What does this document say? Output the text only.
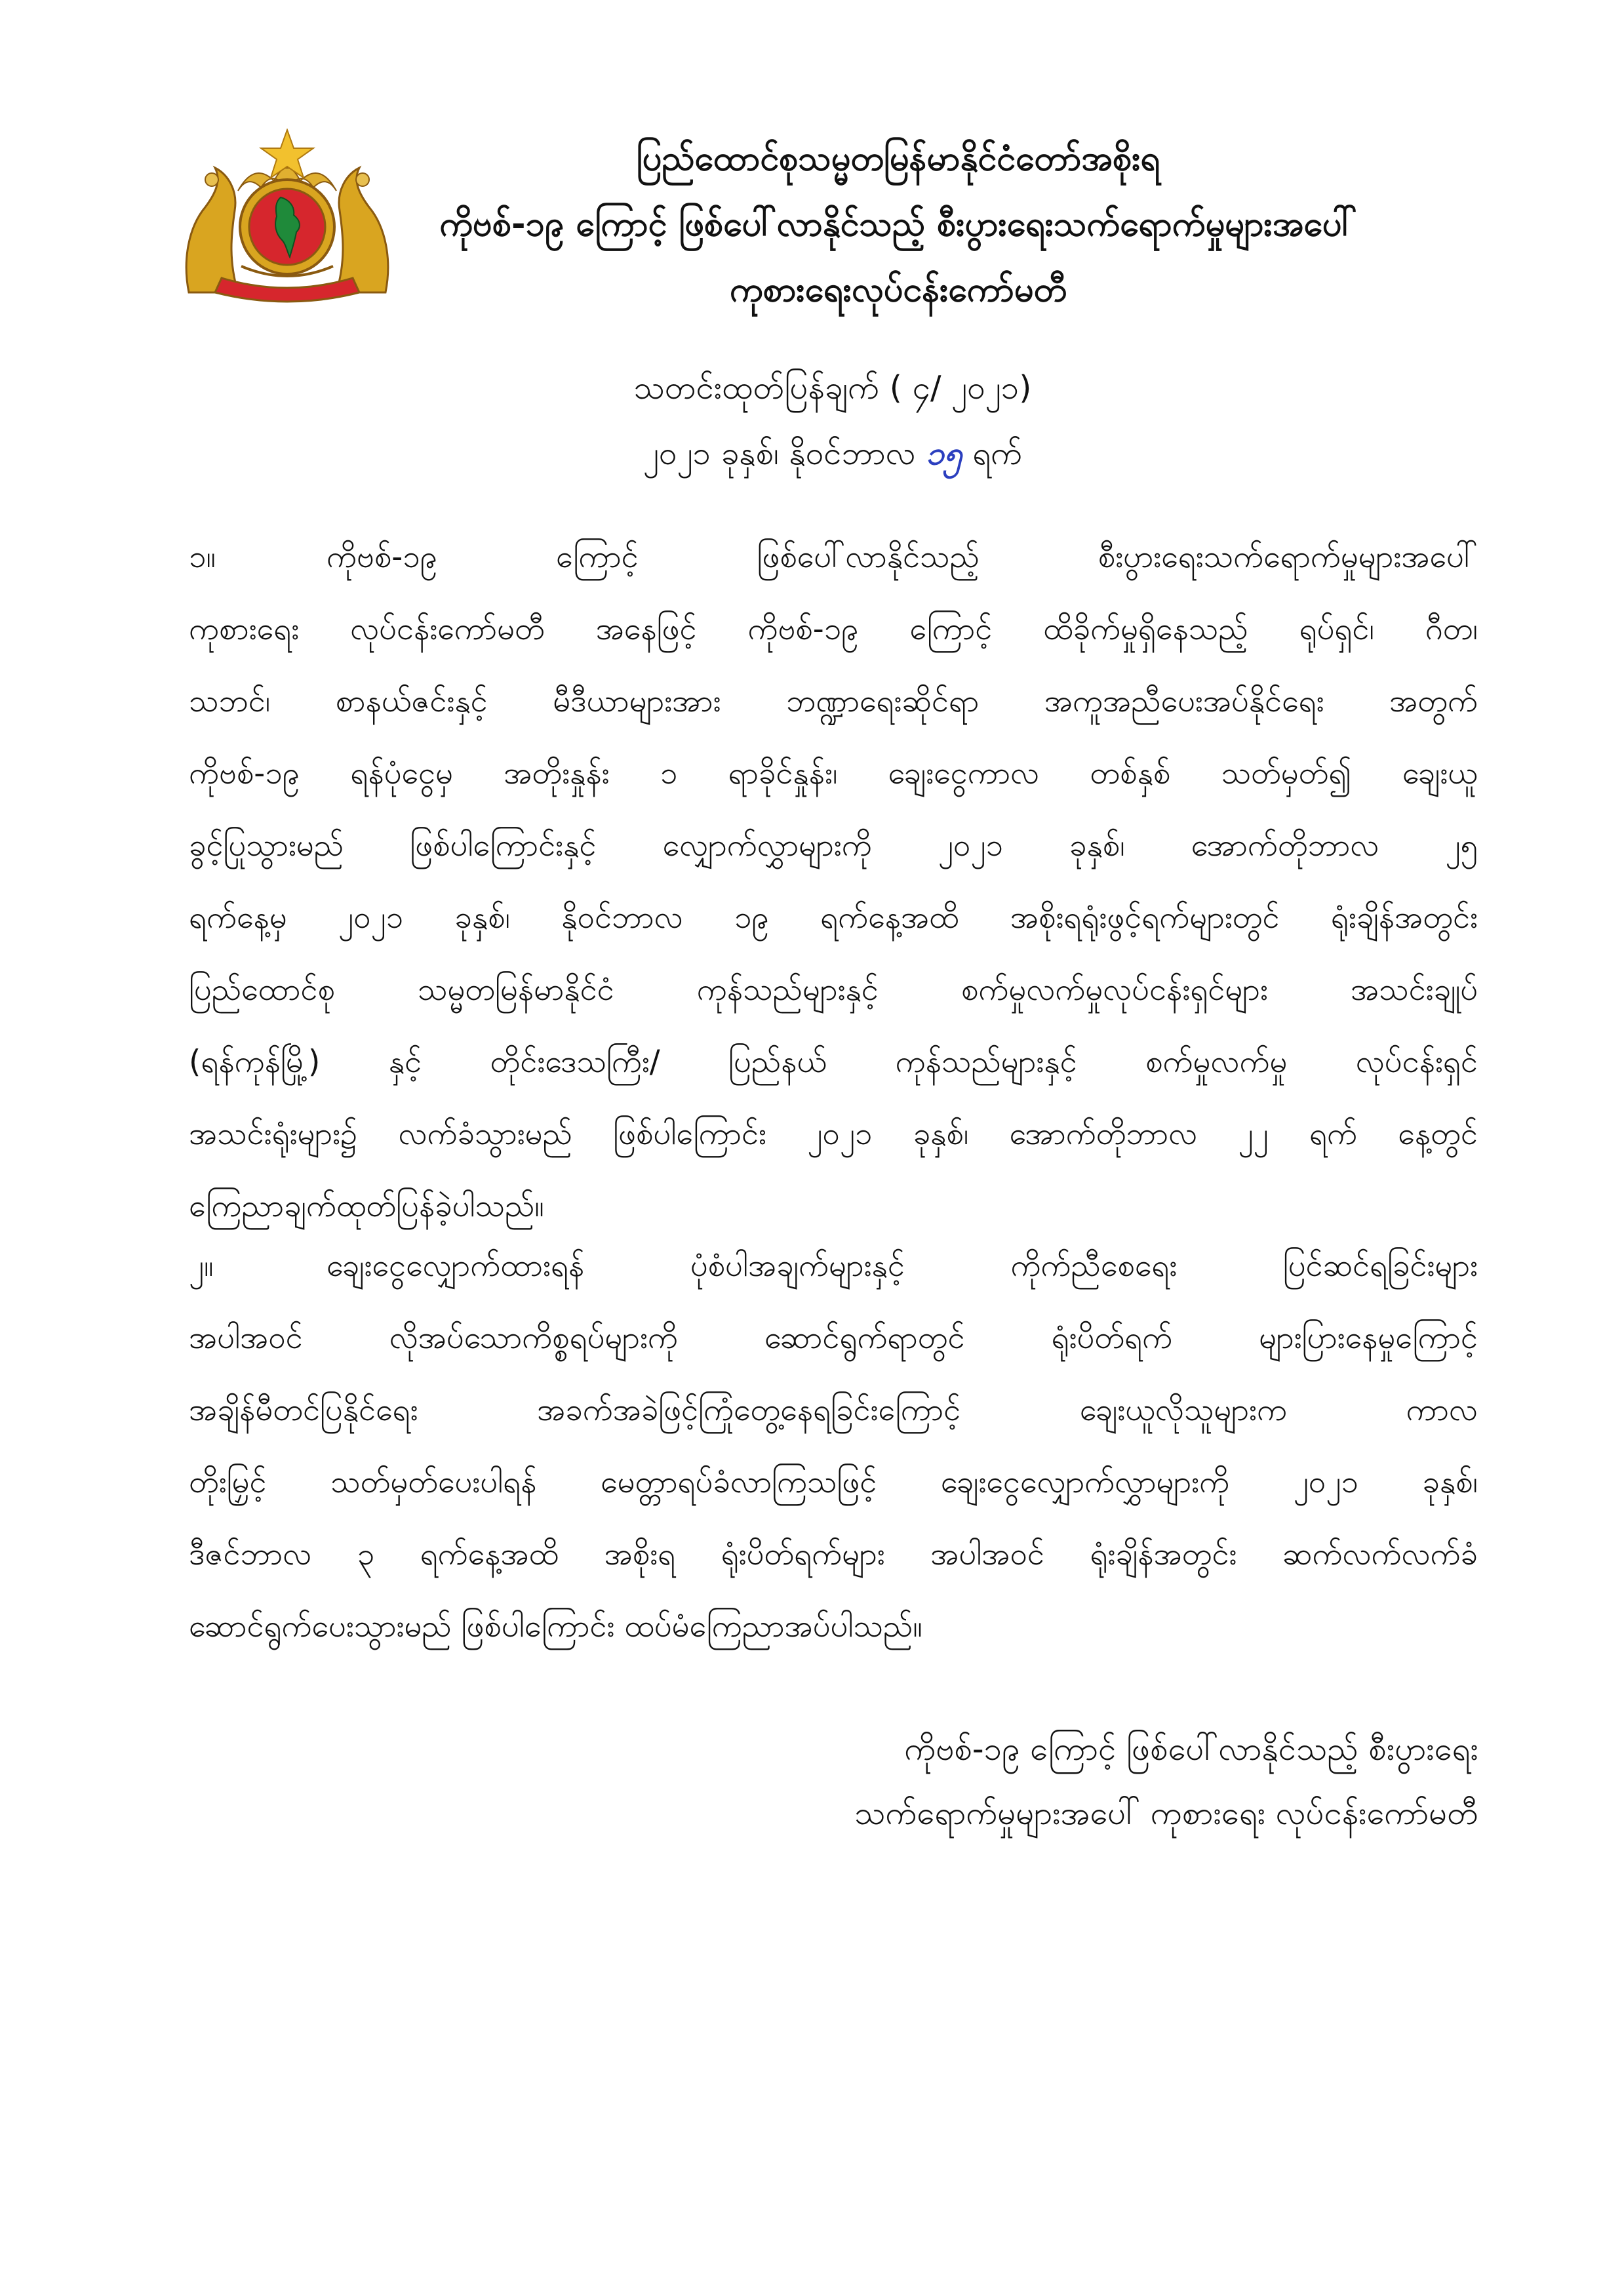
ပြည်ထောင်စုသမ္မတမြန်မာနိုင်ငံတော်အစိုးရ
ကိုဗစ်-၁၉ ကြောင့် ဖြစ်ပေါ်လာနိုင်သည့် စီးပွားရေးသက်ရောက်မှုများအပေါ်
ကုစားရေးလုပ်ငန်းကော်မတီ
သတင်းထုတ်ပြန်ချက် ( ၄/ ၂၀၂၁)
၂၀၂၁ ခုနှစ်၊ နိုဝင်ဘာလ ၁၅ ရက်
၁။	ကိုဗစ်-၁၉	ကြောင့်	ဖြစ်ပေါ်လာနိုင်သည့်	စီးပွားရေးသက်ရောက်မှုများအပေါ်
ကုစားရေး လုပ်ငန်းကော်မတီ အနေဖြင့် ကိုဗစ်-၁၉ ကြောင့် ထိခိုက်မှုရှိနေသည့် ရုပ်ရှင်၊ ဂီတ၊
သဘင်၊ စာနယ်ဇင်းနှင့် မီဒီယာများအား ဘဏ္ဍာရေးဆိုင်ရာ အကူအညီပေးအပ်နိုင်ရေး အတွက်
ကိုဗစ်-၁၉ ရန်ပုံငွေမှ အတိုးနှုန်း ၁ ရာခိုင်နှုန်း၊ ချေးငွေကာလ တစ်နှစ် သတ်မှတ်၍ ချေးယူ
ခွင့်ပြုသွားမည် ဖြစ်ပါကြောင်းနှင့် လျှောက်လွှာများကို ၂၀၂၁ ခုနှစ်၊ အောက်တိုဘာလ ၂၅
ရက်နေ့မှ ၂၀၂၁ ခုနှစ်၊ နိုဝင်ဘာလ ၁၉ ရက်နေ့အထိ အစိုးရရုံးဖွင့်ရက်များတွင် ရုံးချိန်အတွင်း
ပြည်ထောင်စု	သမ္မတမြန်မာနိုင်ငံ	ကုန်သည်များနှင့်	စက်မှုလက်မှုလုပ်ငန်းရှင်များ	အသင်းချုပ်
(ရန်ကုန်မြို့) နှင့် တိုင်းဒေသကြီး/ ပြည်နယ် ကုန်သည်များနှင့် စက်မှုလက်မှု လုပ်ငန်းရှင်
အသင်းရုံးများ၌ လက်ခံသွားမည် ဖြစ်ပါကြောင်း ၂၀၂၁ ခုနှစ်၊ အောက်တိုဘာလ ၂၂ ရက် နေ့တွင်
ကြေညာချက်ထုတ်ပြန်ခဲ့ပါသည်။
၂။	ချေးငွေလျှောက်ထားရန်	ပုံစံပါအချက်များနှင့်	ကိုက်ညီစေရေး	ပြင်ဆင်ရခြင်းများ
အပါအဝင်	လိုအပ်သောကိစ္စရပ်များကို	ဆောင်ရွက်ရာတွင်	ရုံးပိတ်ရက်	များပြားနေမှုကြောင့်
အချိန်မီတင်ပြနိုင်ရေး	အခက်အခဲဖြင့်ကြုံတွေ့နေရခြင်းကြောင့်	ချေးယူလိုသူများက	ကာလ
တိုးမြှင့် သတ်မှတ်ပေးပါရန် မေတ္တာရပ်ခံလာကြသဖြင့် ချေးငွေလျှောက်လွှာများကို ၂၀၂၁ ခုနှစ်၊
ဒီဇင်ဘာလ ၃ ရက်နေ့အထိ အစိုးရ ရုံးပိတ်ရက်များ အပါအဝင် ရုံးချိန်အတွင်း ဆက်လက်လက်ခံ
ဆောင်ရွက်ပေးသွားမည် ဖြစ်ပါကြောင်း ထပ်မံကြေညာအပ်ပါသည်။
ကိုဗစ်-၁၉ ကြောင့် ဖြစ်ပေါ်လာနိုင်သည့် စီးပွားရေး
သက်ရောက်မှုများအပေါ် ကုစားရေး လုပ်ငန်းကော်မတီ
